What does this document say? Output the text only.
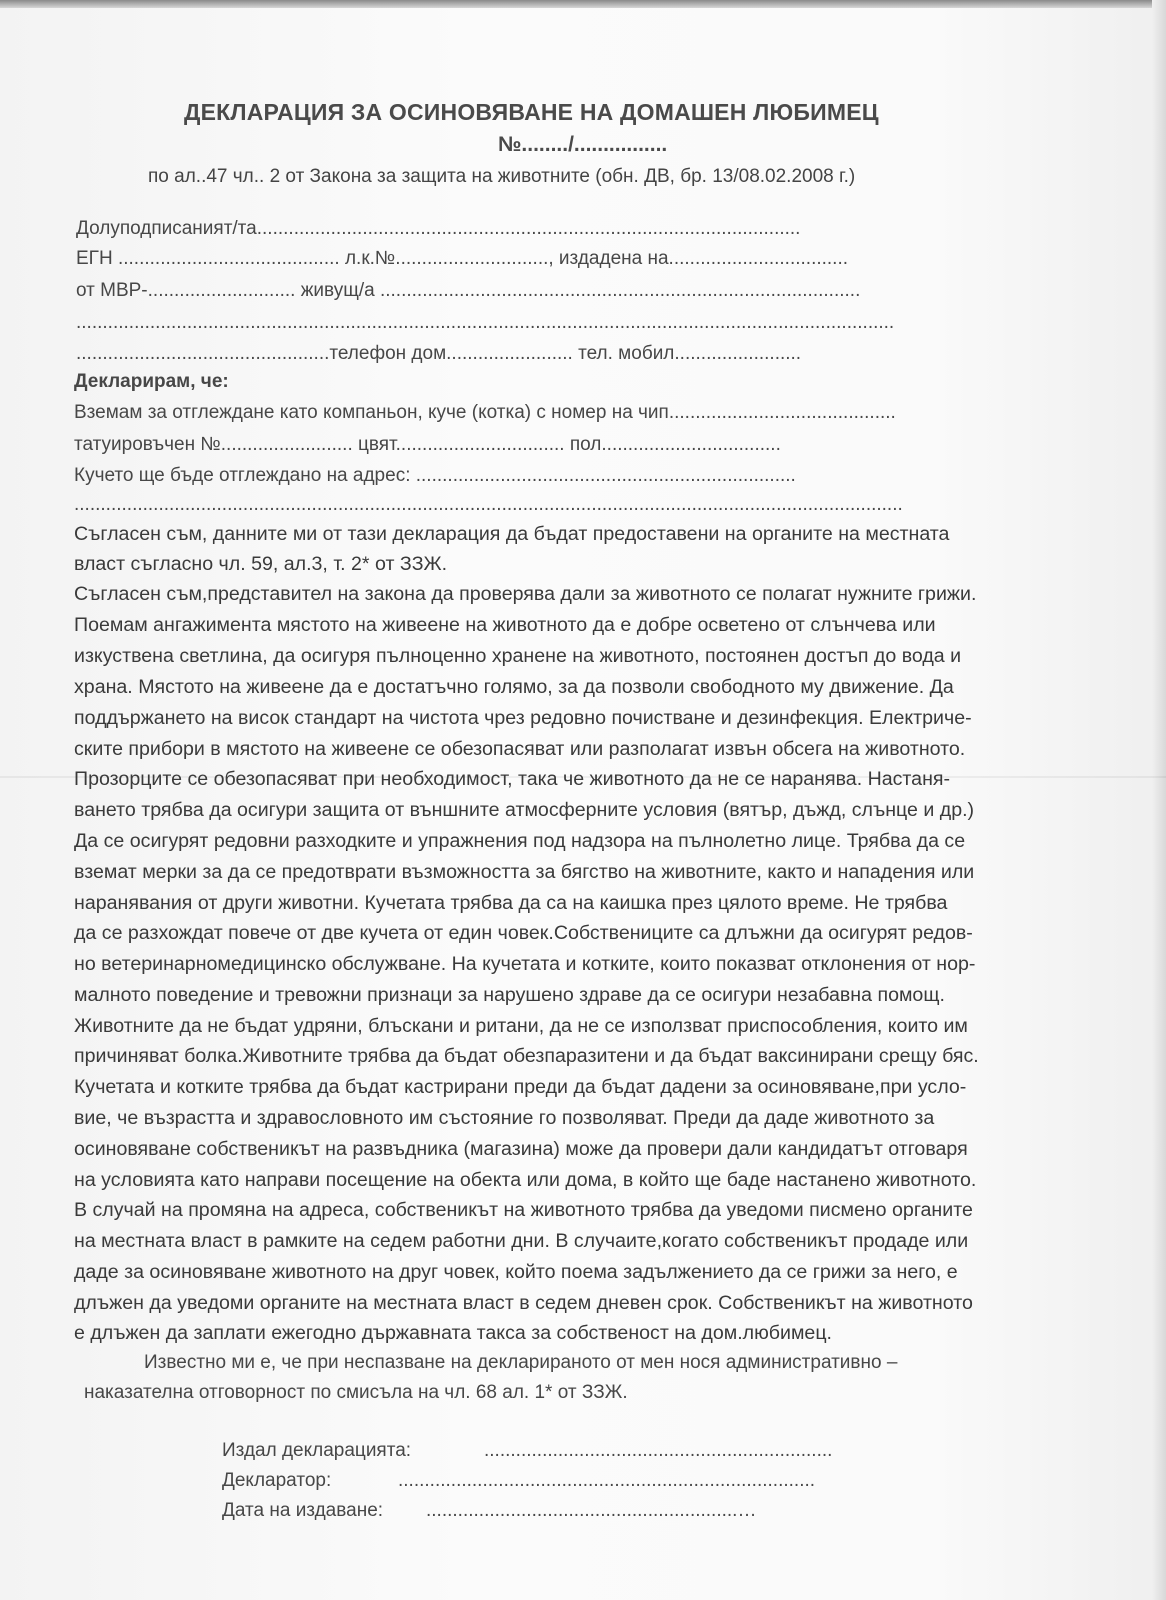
ДЕКЛАРАЦИЯ ЗА ОСИНОВЯВАНЕ НА ДОМАШЕН ЛЮБИМЕЦ
№......../................
по ал..47 чл.. 2 от Закона за защита на животните (обн. ДВ, бр. 13/08.02.2008 г.)
Долуподписаният/та.......................................................................................................
ЕГН .......................................... л.к.№............................., издадена на..................................
от МВР-............................ живущ/а ...........................................................................................
...........................................................................................................................................................
................................................телефон дом........................ тел. мобил........................
Декларирам, че:
Вземам за отглеждане като компаньон, куче (котка) с номер на чип...........................................
татуировъчен №......................... цвят................................ пол..................................
Кучето ще бъде отглеждано на адрес: ........................................................................
.............................................................................................................................................................
Съгласен съм, данните ми от тази декларация да бъдат предоставени на органите на местната
власт съгласно чл. 59, ал.3, т. 2* от ЗЗЖ.
Съгласен съм,представител на закона да проверява дали за животното се полагат нужните грижи.
Поемам ангажимента мястото на живеене на животното да е добре осветено от слънчева или
изкуствена светлина, да осигуря пълноценно хранене на животното, постоянен достъп до вода и
храна. Мястото на живеене да е достатъчно голямо, за да позволи свободното му движение. Да
поддържането на висок стандарт на чистота чрез редовно почистване и дезинфекция. Електриче-
ските прибори в мястото на живеене се обезопасяват или разполагат извън обсега на животното.
Прозорците се обезопасяват при необходимост, така че животното да не се наранява. Настаня-
ването трябва да осигури защита от външните атмосферните условия (вятър, дъжд, слънце и др.)
Да се осигурят редовни разходките и упражнения под надзора на пълнолетно лице. Трябва да се
вземат мерки за да се предотврати възможността за бягство на животните, както и нападения или
наранявания от други животни. Кучетата трябва да са на каишка през цялото време. Не трябва
да се разхождат повече от две кучета от един човек.Собствениците са длъжни да осигурят редов-
но ветеринарномедицинско обслужване. На кучетата и котките, които показват отклонения от нор-
малното поведение и тревожни признаци за нарушено здраве да се осигури незабавна помощ.
Животните да не бъдат удряни, блъскани и ритани, да не се използват приспособления, които им
причиняват болка.Животните трябва да бъдат обезпаразитени и да бъдат ваксинирани срещу бяс.
Кучетата и котките трябва да бъдат кастрирани преди да бъдат дадени за осиновяване,при усло-
вие, че възрастта и здравословното им състояние го позволяват. Преди да даде животното за
осиновяване собственикът на развъдника (магазина) може да провери дали кандидатът отговаря
на условията като направи посещение на обекта или дома, в който ще баде настанено животното.
В случай на промяна на адреса, собственикът на животното трябва да уведоми писмено органите
на местната власт в рамките на седем работни дни. В случаите,когато собственикът продаде или
даде за осиновяване животното на друг човек, който поема задължението да се грижи за него, е
длъжен да уведоми органите на местната власт в седем дневен срок. Собственикът на животното
е длъжен да заплати ежегодно държавната такса за собственост на дом.любимец.
Известно ми е, че при неспазване на декларираното от мен нося административно –
наказателна отговорност по смисъла на чл. 68 ал. 1* от ЗЗЖ.
Издал декларацията:	..................................................................
Декларатор:	...............................................................................
Дата на издаване: ...........................................................…
